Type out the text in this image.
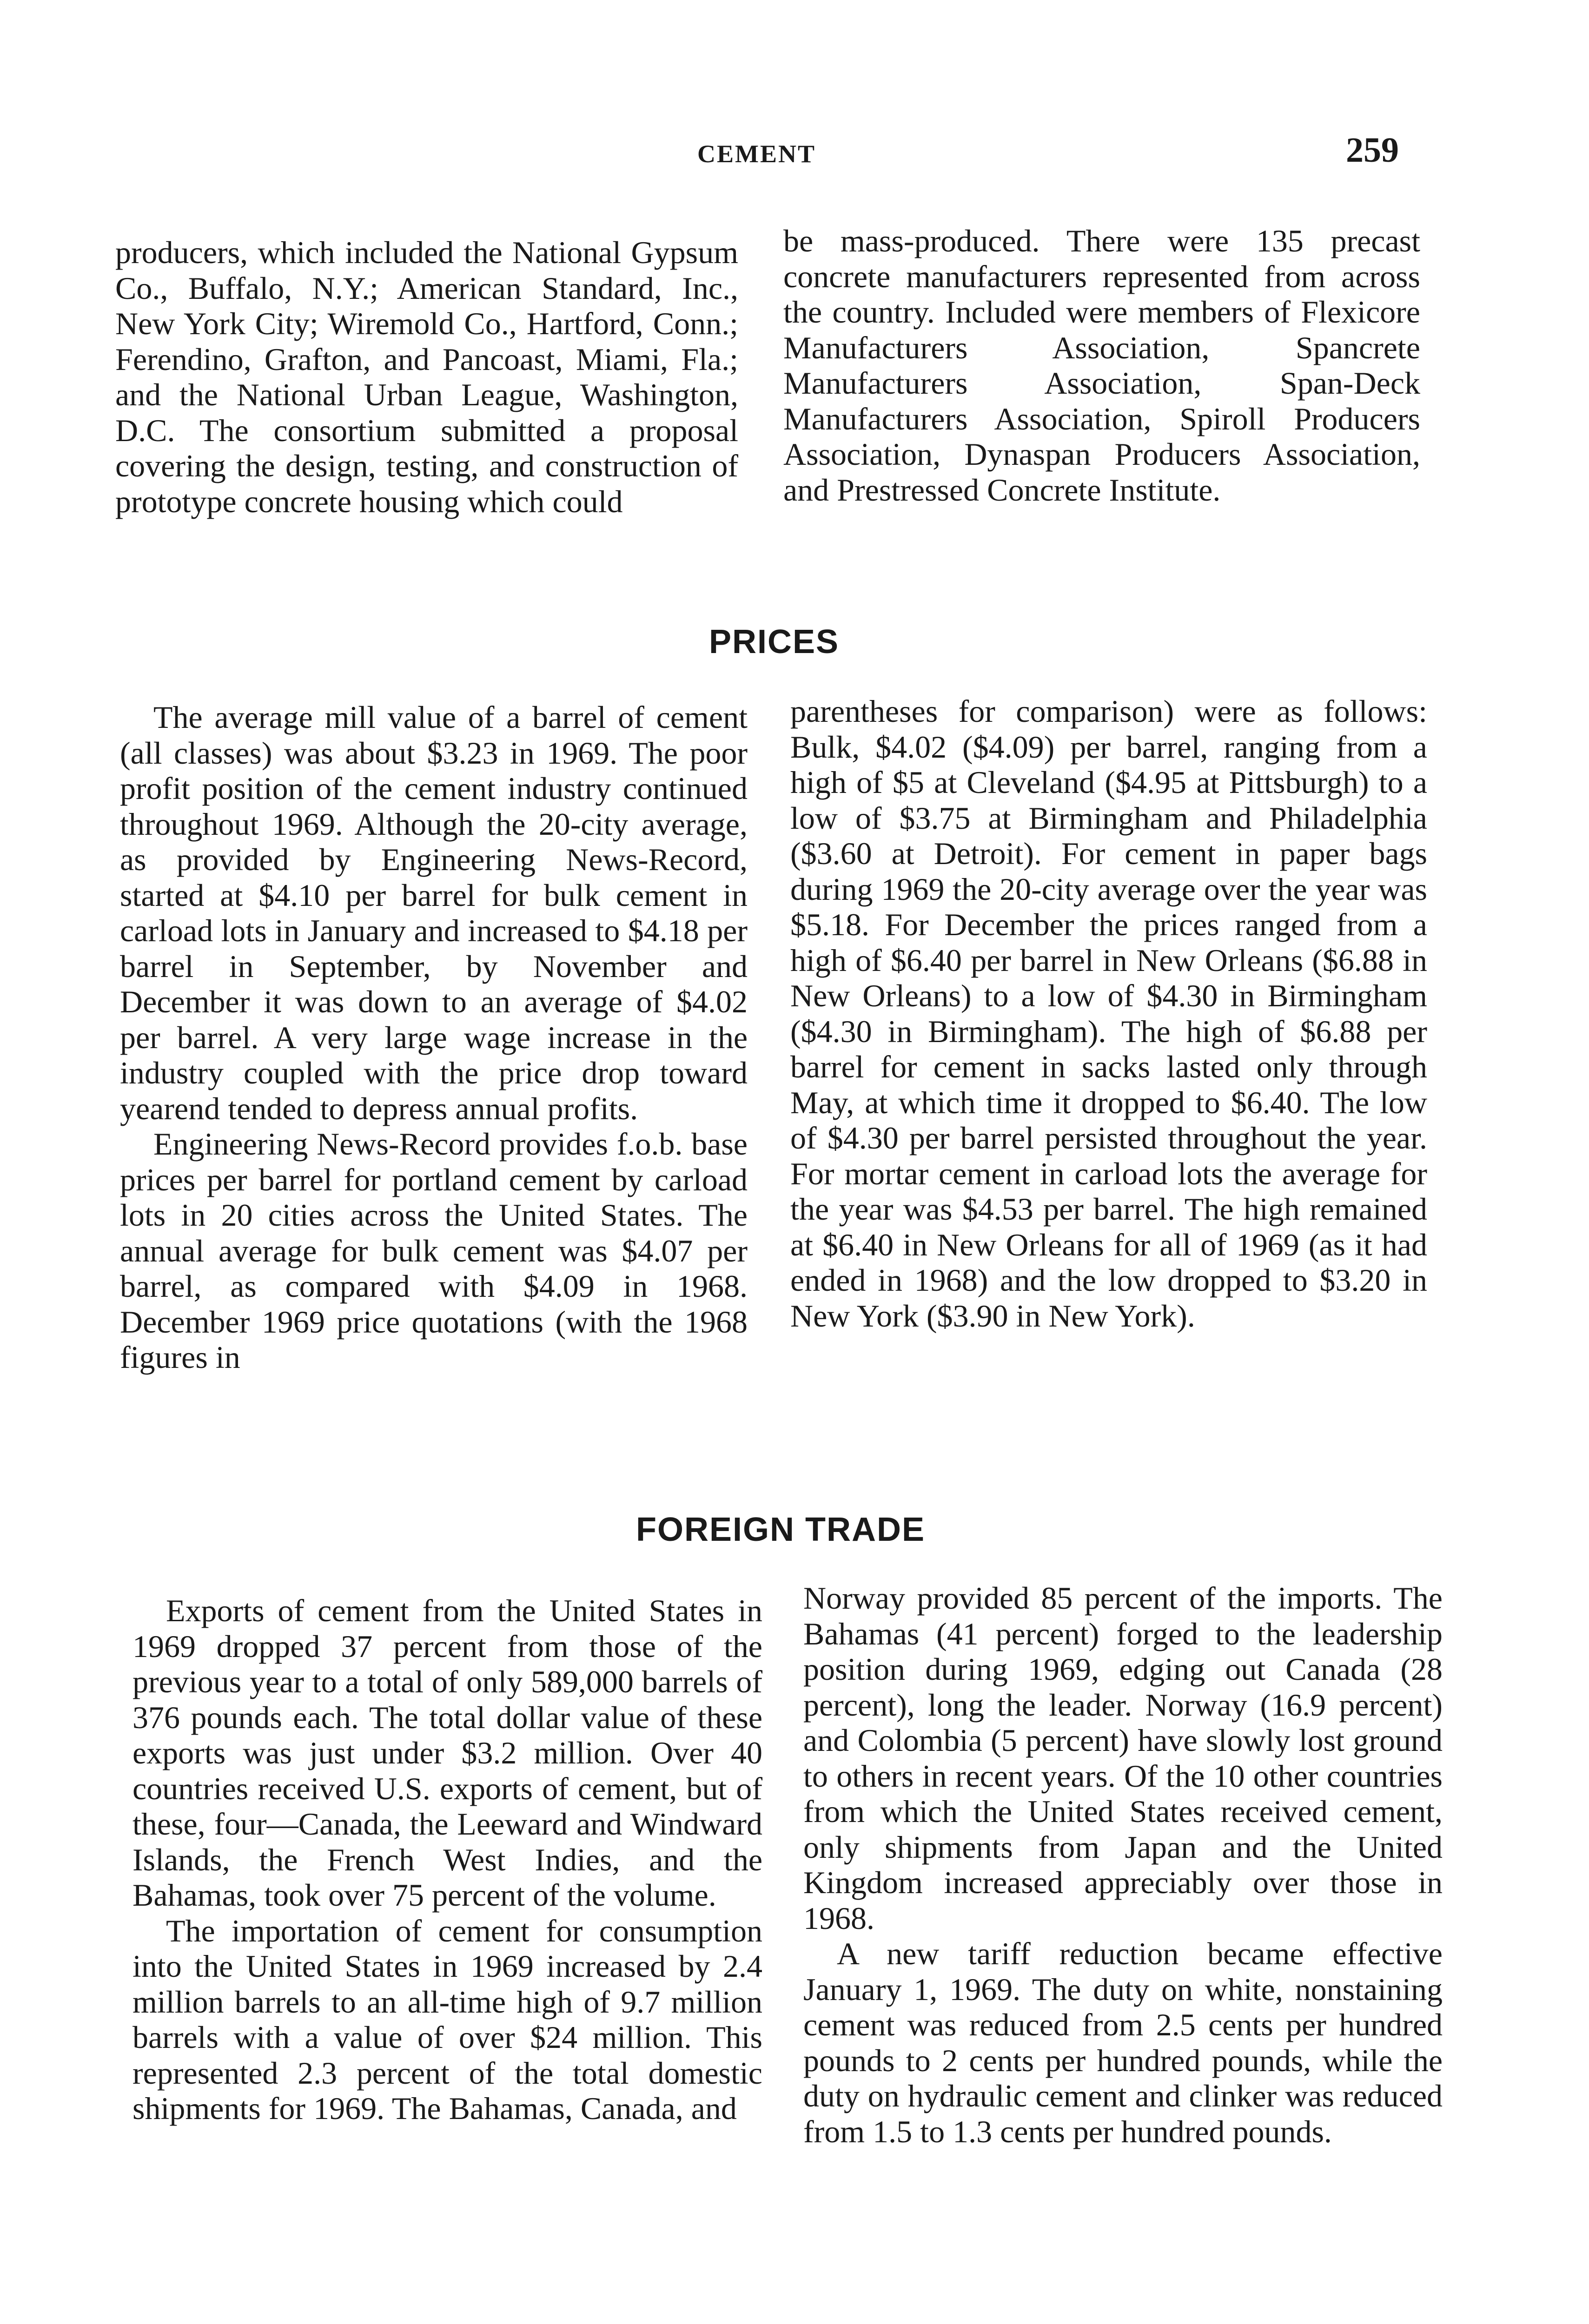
CEMENT	259

producers, which included the National Gypsum Co., Buffalo, N.Y.; American Standard, Inc., New York City; Wiremold Co., Hartford, Conn.; Ferendino, Grafton, and Pancoast, Miami, Fla.; and the National Urban League, Washington, D.C. The consortium submitted a proposal covering the design, testing, and construction of prototype concrete housing which could

be mass-produced. There were 135 precast concrete manufacturers represented from across the country. Included were members of Flexicore Manufacturers Association, Spancrete Manufacturers Association, Span-Deck Manufacturers Association, Spiroll Producers Association, Dynaspan Producers Association, and Prestressed Concrete Institute.

PRICES

The average mill value of a barrel of cement (all classes) was about $3.23 in 1969. The poor profit position of the cement industry continued throughout 1969. Although the 20-city average, as provided by Engineering News-Record, started at $4.10 per barrel for bulk cement in carload lots in January and increased to $4.18 per barrel in September, by November and December it was down to an average of $4.02 per barrel. A very large wage increase in the industry coupled with the price drop toward yearend tended to depress annual profits.

Engineering News-Record provides f.o.b. base prices per barrel for portland cement by carload lots in 20 cities across the United States. The annual average for bulk cement was $4.07 per barrel, as compared with $4.09 in 1968. December 1969 price quotations (with the 1968 figures in

parentheses for comparison) were as follows: Bulk, $4.02 ($4.09) per barrel, ranging from a high of $5 at Cleveland ($4.95 at Pittsburgh) to a low of $3.75 at Birmingham and Philadelphia ($3.60 at Detroit). For cement in paper bags during 1969 the 20-city average over the year was $5.18. For December the prices ranged from a high of $6.40 per barrel in New Orleans ($6.88 in New Orleans) to a low of $4.30 in Birmingham ($4.30 in Birmingham). The high of $6.88 per barrel for cement in sacks lasted only through May, at which time it dropped to $6.40. The low of $4.30 per barrel persisted throughout the year. For mortar cement in carload lots the average for the year was $4.53 per barrel. The high remained at $6.40 in New Orleans for all of 1969 (as it had ended in 1968) and the low dropped to $3.20 in New York ($3.90 in New York).

FOREIGN TRADE

Exports of cement from the United States in 1969 dropped 37 percent from those of the previous year to a total of only 589,000 barrels of 376 pounds each. The total dollar value of these exports was just under $3.2 million. Over 40 countries received U.S. exports of cement, but of these, four—Canada, the Leeward and Windward Islands, the French West Indies, and the Bahamas, took over 75 percent of the volume.

The importation of cement for consumption into the United States in 1969 increased by 2.4 million barrels to an all-time high of 9.7 million barrels with a value of over $24 million. This represented 2.3 percent of the total domestic shipments for 1969. The Bahamas, Canada, and

Norway provided 85 percent of the imports. The Bahamas (41 percent) forged to the leadership position during 1969, edging out Canada (28 percent), long the leader. Norway (16.9 percent) and Colombia (5 percent) have slowly lost ground to others in recent years. Of the 10 other countries from which the United States received cement, only shipments from Japan and the United Kingdom increased appreciably over those in 1968.

A new tariff reduction became effective January 1, 1969. The duty on white, nonstaining cement was reduced from 2.5 cents per hundred pounds to 2 cents per hundred pounds, while the duty on hydraulic cement and clinker was reduced from 1.5 to 1.3 cents per hundred pounds.
